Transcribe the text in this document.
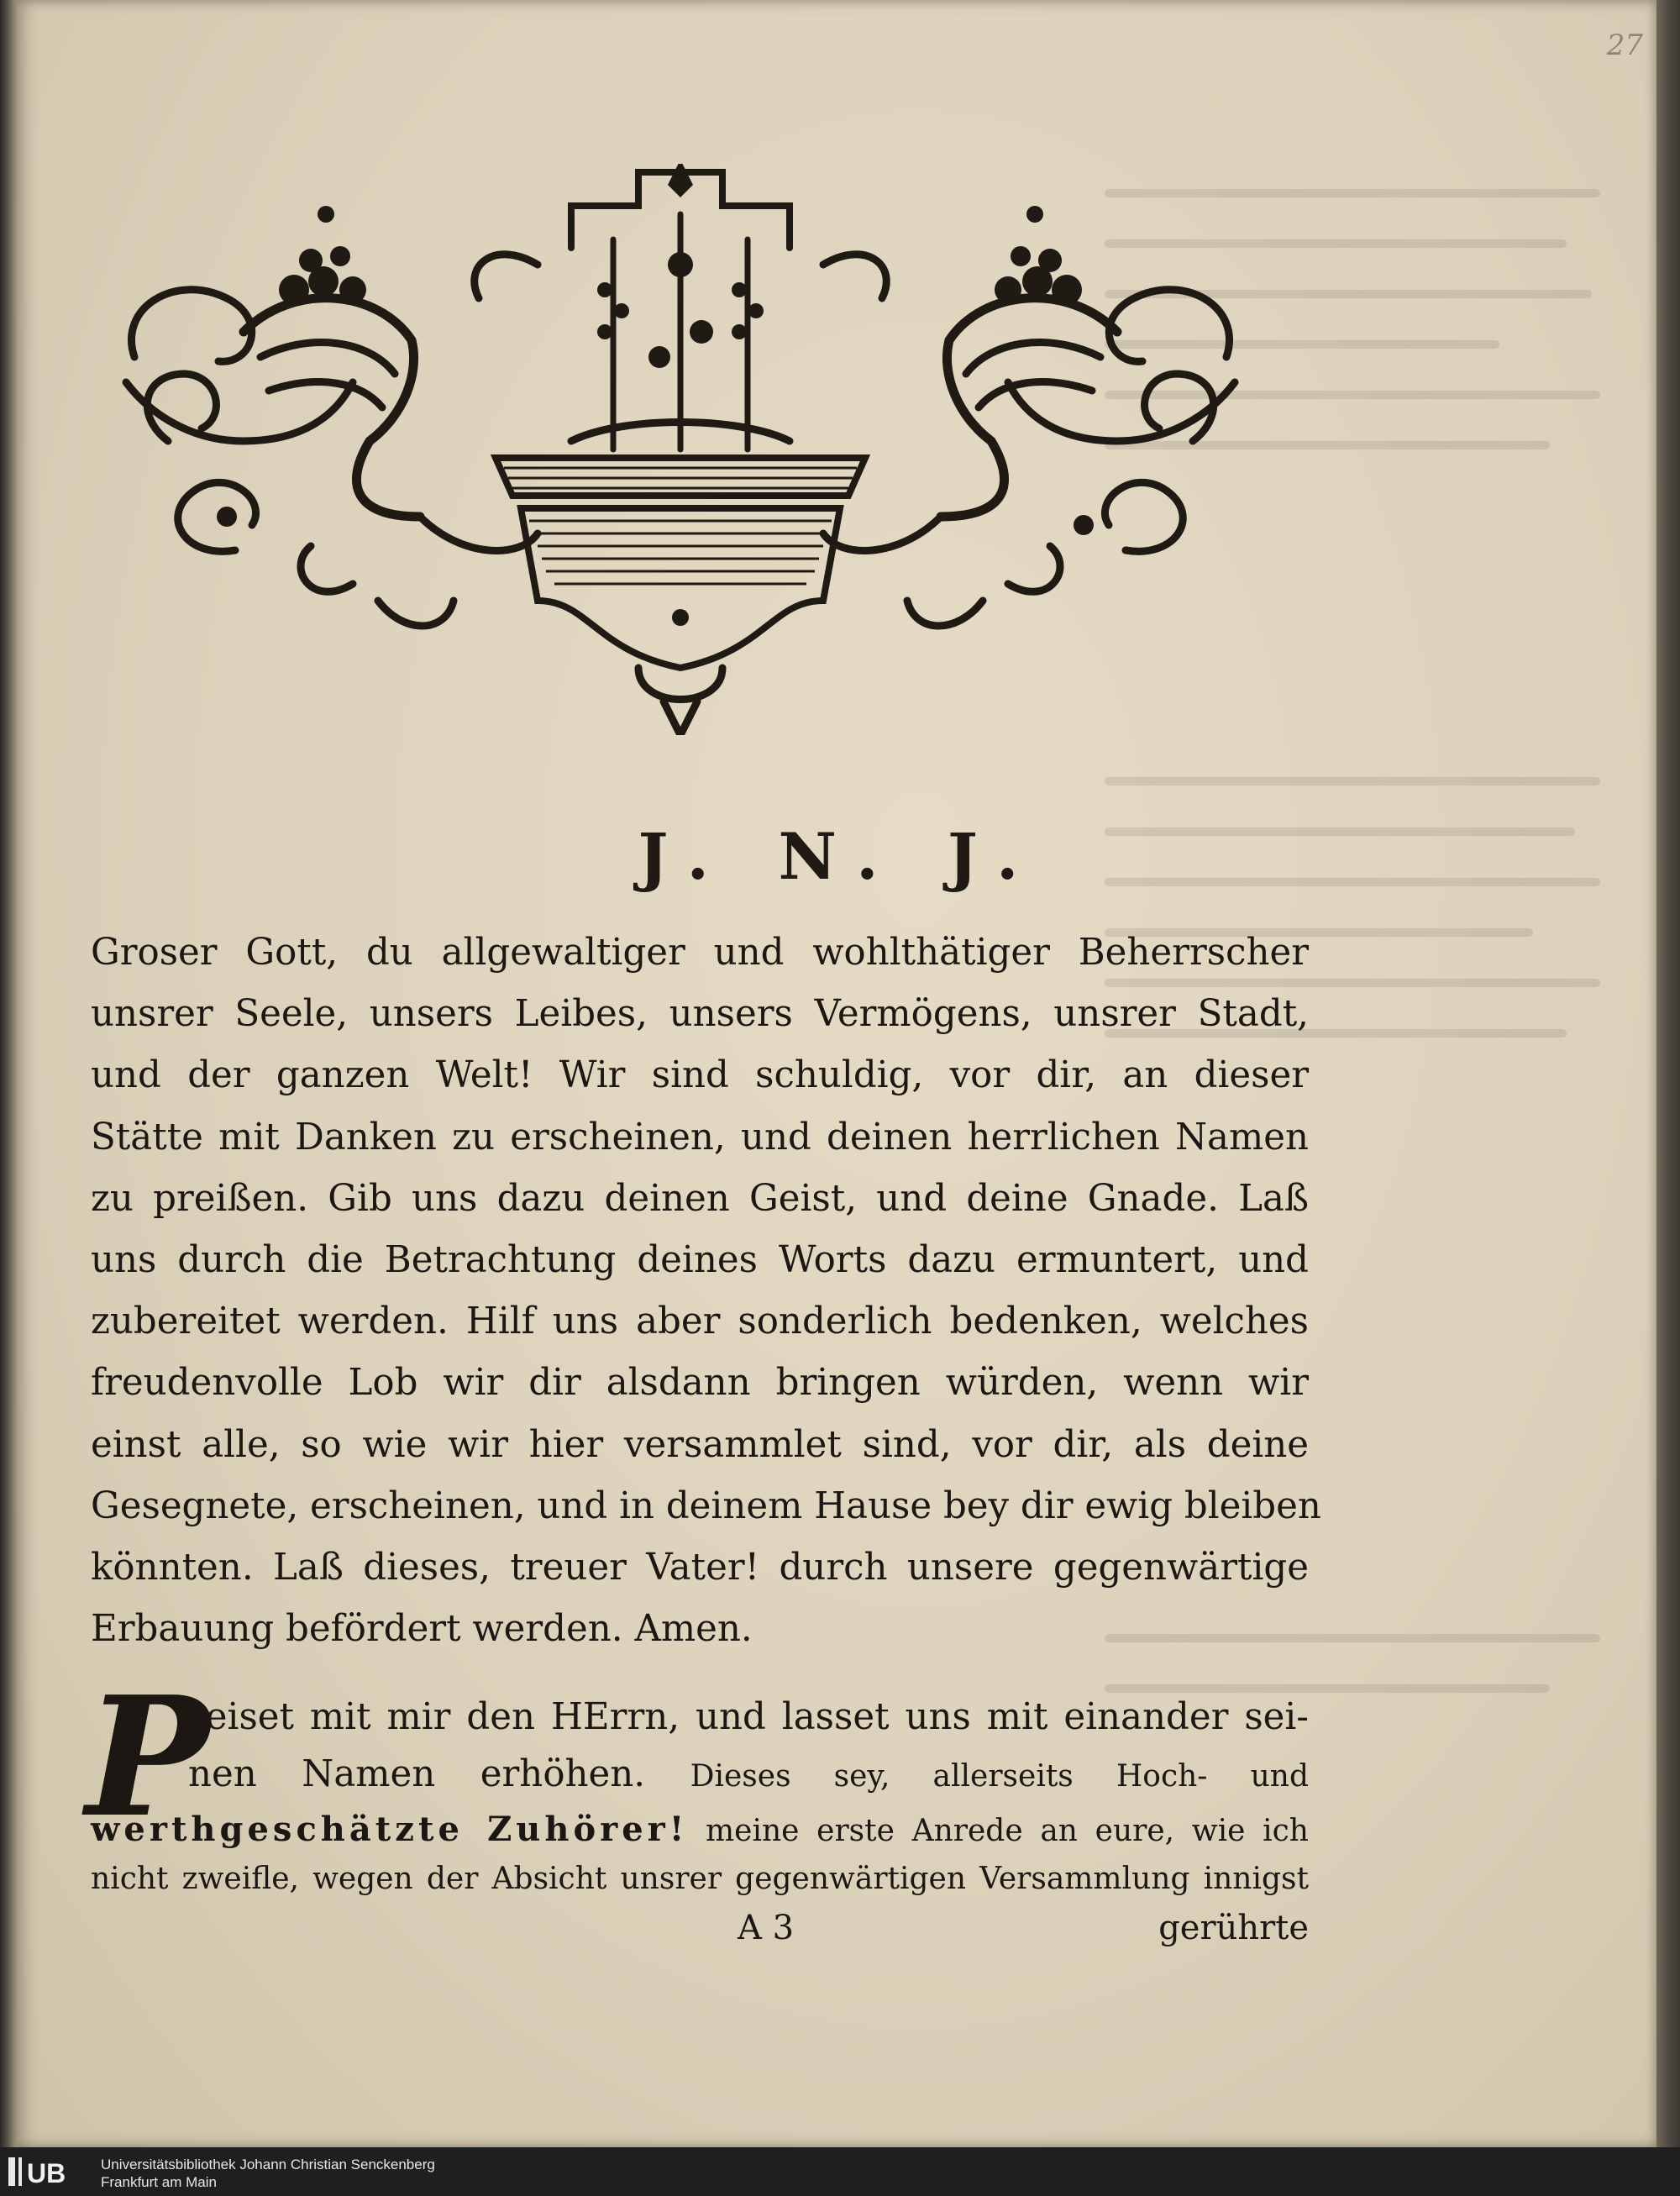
27
J. N. J.
Groser Gott, du allgewaltiger und wohlthätiger Beherrscher
unsrer Seele, unsers Leibes, unsers Vermögens, unsrer Stadt,
und der ganzen Welt! Wir sind schuldig, vor dir, an dieser
Stätte mit Danken zu erscheinen, und deinen herrlichen Namen
zu preißen. Gib uns dazu deinen Geist, und deine Gnade. Laß
uns durch die Betrachtung deines Worts dazu ermuntert, und
zubereitet werden. Hilf uns aber sonderlich bedenken, welches
freudenvolle Lob wir dir alsdann bringen würden, wenn wir
einst alle, so wie wir hier versammlet sind, vor dir, als deine
Gesegnete, erscheinen, und in deinem Hause bey dir ewig bleiben
könnten. Laß dieses, treuer Vater! durch unsere gegenwärtige
Erbauung befördert werden. Amen.
P
reiset mit mir den HErrn, und lasset uns mit einander sei-
nen Namen erhöhen. Dieses sey, allerseits Hoch- und
werthgeschätzte Zuhörer! meine erste Anrede an eure, wie ich
nicht zweifle, wegen der Absicht unsrer gegenwärtigen Versammlung innigst
A 3	gerührte
UB Universitätsbibliothek Johann Christian Senckenberg
Frankfurt am Main
